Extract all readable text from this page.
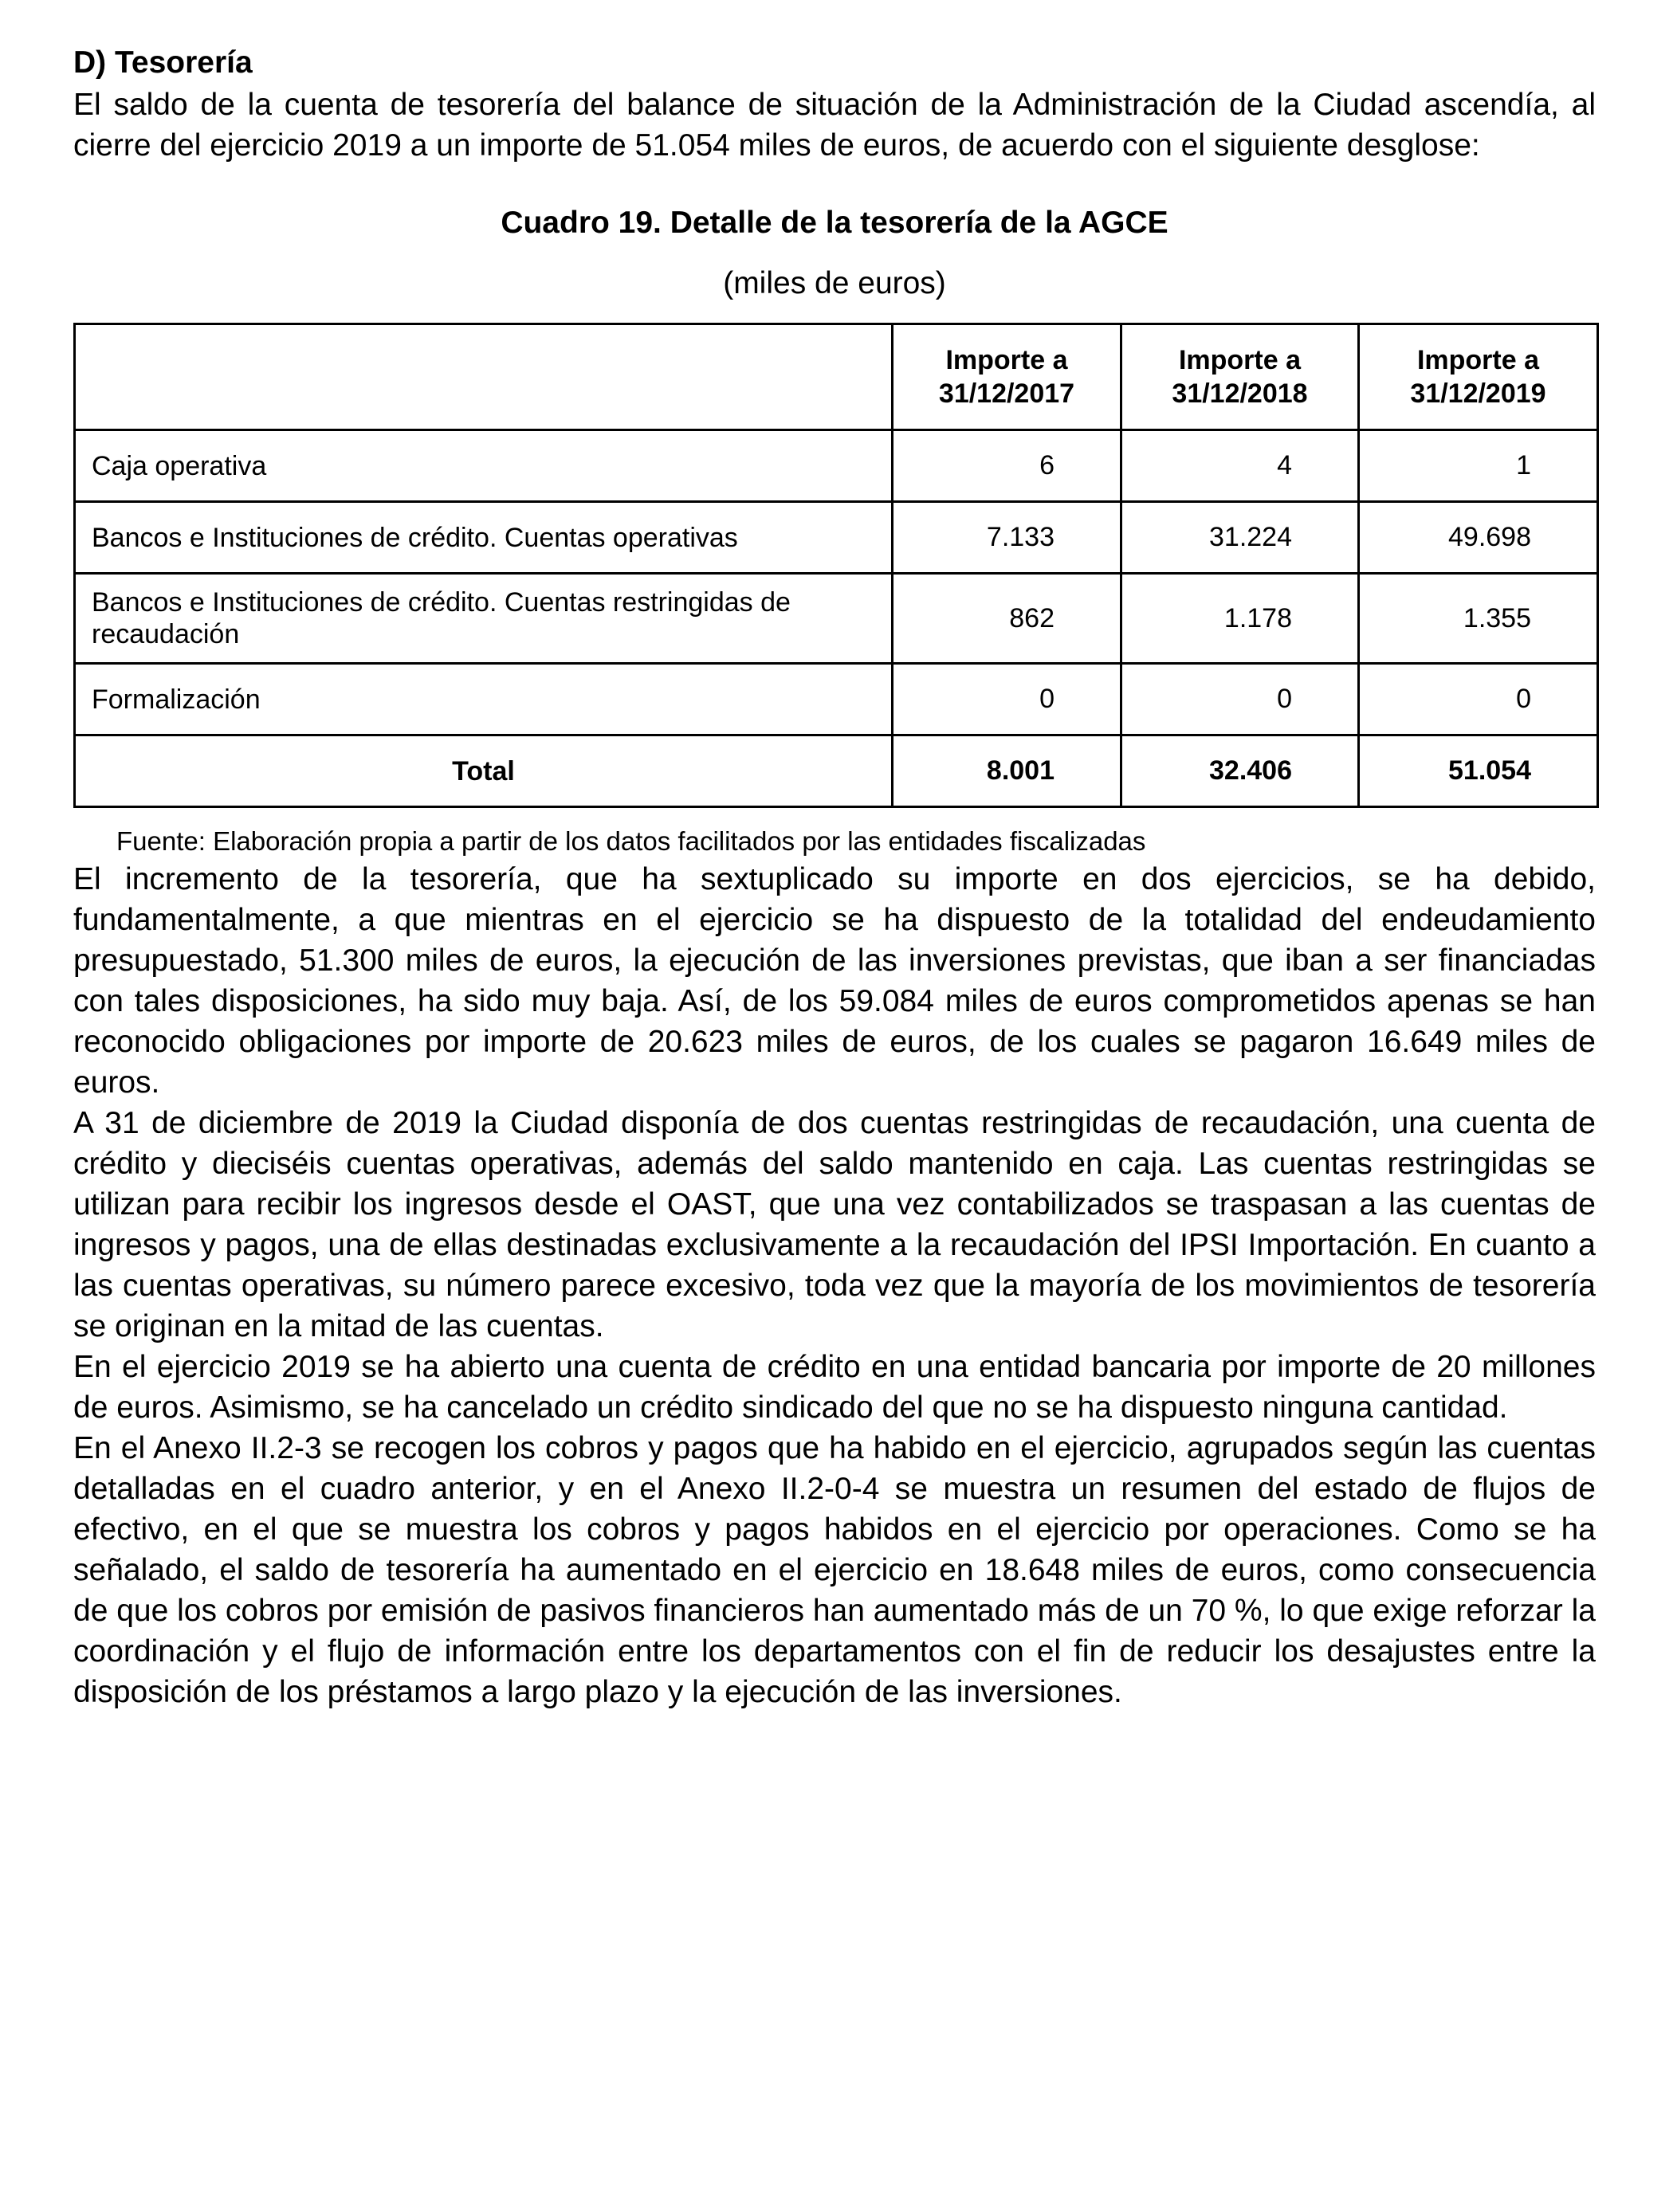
D) Tesorería

El saldo de la cuenta de tesorería del balance de situación de la Administración de la Ciudad ascendía, al cierre del ejercicio 2019 a un importe de 51.054 miles de euros, de acuerdo con el siguiente desglose:

Cuadro 19. Detalle de la tesorería de la AGCE
(miles de euros)
	Importe a 31/12/2017	Importe a 31/12/2018	Importe a 31/12/2019
Caja operativa	6	4	1
Bancos e Instituciones de crédito. Cuentas operativas	7.133	31.224	49.698
Bancos e Instituciones de crédito. Cuentas restringidas de recaudación	862	1.178	1.355
Formalización	0	0	0
Total	8.001	32.406	51.054
Fuente: Elaboración propia a partir de los datos facilitados por las entidades fiscalizadas

El incremento de la tesorería, que ha sextuplicado su importe en dos ejercicios, se ha debido, fundamentalmente, a que mientras en el ejercicio se ha dispuesto de la totalidad del endeudamiento presupuestado, 51.300 miles de euros, la ejecución de las inversiones previstas, que iban a ser financiadas con tales disposiciones, ha sido muy baja. Así, de los 59.084 miles de euros comprometidos apenas se han reconocido obligaciones por importe de 20.623 miles de euros, de los cuales se pagaron 16.649 miles de euros.

A 31 de diciembre de 2019 la Ciudad disponía de dos cuentas restringidas de recaudación, una cuenta de crédito y dieciséis cuentas operativas, además del saldo mantenido en caja. Las cuentas restringidas se utilizan para recibir los ingresos desde el OAST, que una vez contabilizados se traspasan a las cuentas de ingresos y pagos, una de ellas destinadas exclusivamente a la recaudación del IPSI Importación. En cuanto a las cuentas operativas, su número parece excesivo, toda vez que la mayoría de los movimientos de tesorería se originan en la mitad de las cuentas.

En el ejercicio 2019 se ha abierto una cuenta de crédito en una entidad bancaria por importe de 20 millones de euros. Asimismo, se ha cancelado un crédito sindicado del que no se ha dispuesto ninguna cantidad.

En el Anexo II.2-3 se recogen los cobros y pagos que ha habido en el ejercicio, agrupados según las cuentas detalladas en el cuadro anterior, y en el Anexo II.2-0-4 se muestra un resumen del estado de flujos de efectivo, en el que se muestra los cobros y pagos habidos en el ejercicio por operaciones. Como se ha señalado, el saldo de tesorería ha aumentado en el ejercicio en 18.648 miles de euros, como consecuencia de que los cobros por emisión de pasivos financieros han aumentado más de un 70 %, lo que exige reforzar la coordinación y el flujo de información entre los departamentos con el fin de reducir los desajustes entre la disposición de los préstamos a largo plazo y la ejecución de las inversiones.
